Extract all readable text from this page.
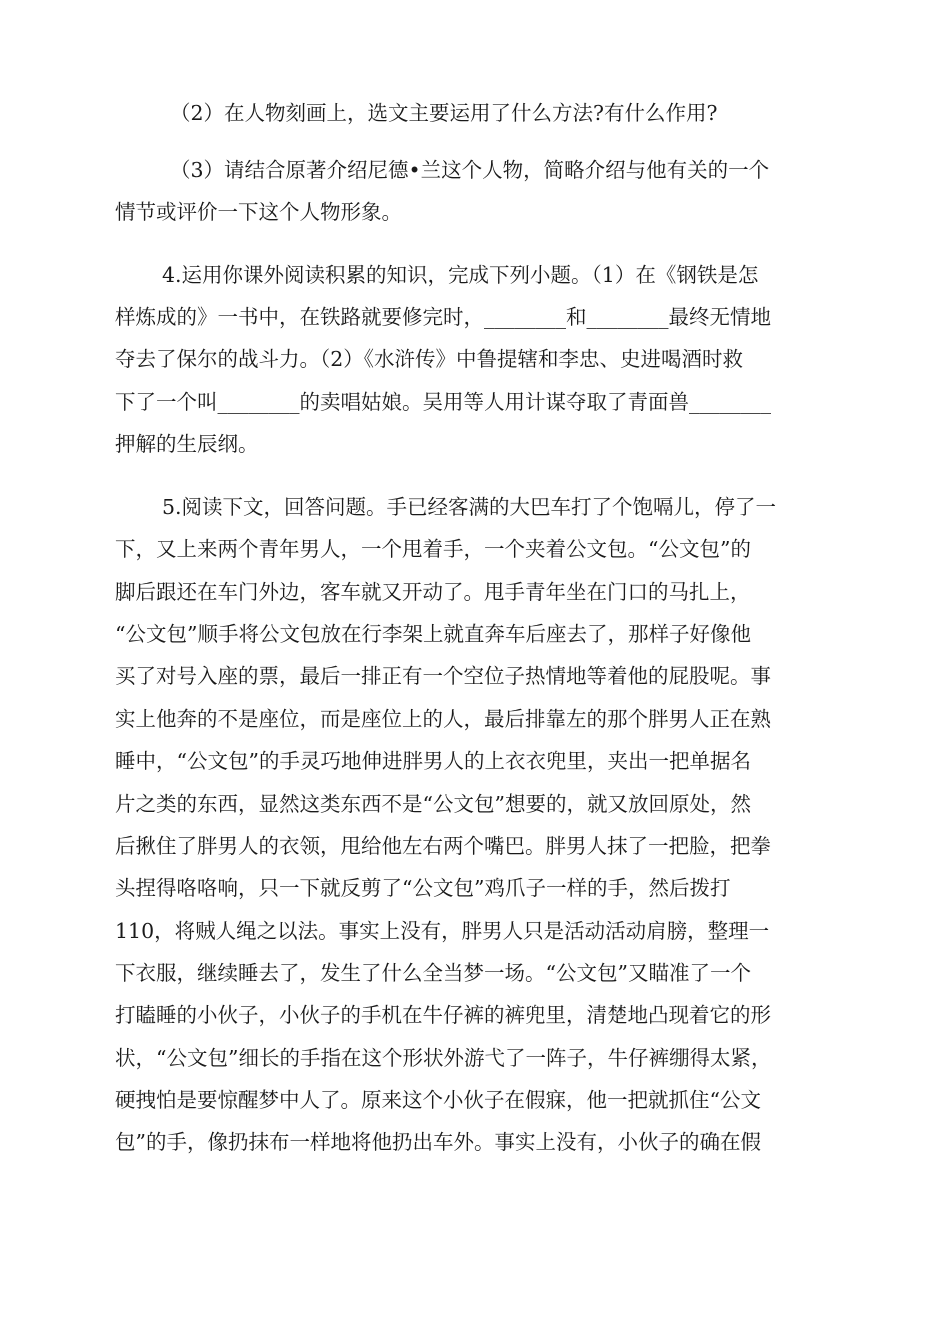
（2）在人物刻画上，选文主要运用了什么方法?有什么作用?
（3）请结合原著介绍尼德•兰这个人物，简略介绍与他有关的一个
情节或评价一下这个人物形象。
4.运用你课外阅读积累的知识，完成下列小题。（1）在《钢铁是怎
样炼成的》一书中，在铁路就要修完时，________和________最终无情地
夺去了保尔的战斗力。（2）《水浒传》中鲁提辖和李忠、史进喝酒时救
下了一个叫________的卖唱姑娘。吴用等人用计谋夺取了青面兽________
押解的生辰纲。
5.阅读下文，回答问题。手已经客满的大巴车打了个饱嗝儿，停了一
下，又上来两个青年男人，一个甩着手，一个夹着公文包。“公文包”的
脚后跟还在车门外边，客车就又开动了。甩手青年坐在门口的马扎上，
“公文包”顺手将公文包放在行李架上就直奔车后座去了，那样子好像他
买了对号入座的票，最后一排正有一个空位子热情地等着他的屁股呢。事
实上他奔的不是座位，而是座位上的人，最后排靠左的那个胖男人正在熟
睡中，“公文包”的手灵巧地伸进胖男人的上衣衣兜里，夹出一把单据名
片之类的东西，显然这类东西不是“公文包”想要的，就又放回原处，然
后揪住了胖男人的衣领，甩给他左右两个嘴巴。胖男人抹了一把脸，把拳
头捏得咯咯响，只一下就反剪了“公文包”鸡爪子一样的手，然后拨打
110，将贼人绳之以法。事实上没有，胖男人只是活动活动肩膀，整理一
下衣服，继续睡去了，发生了什么全当梦一场。“公文包”又瞄准了一个
打瞌睡的小伙子，小伙子的手机在牛仔裤的裤兜里，清楚地凸现着它的形
状，“公文包”细长的手指在这个形状外游弋了一阵子，牛仔裤绷得太紧，
硬拽怕是要惊醒梦中人了。原来这个小伙子在假寐，他一把就抓住“公文
包”的手，像扔抹布一样地将他扔出车外。事实上没有，小伙子的确在假
